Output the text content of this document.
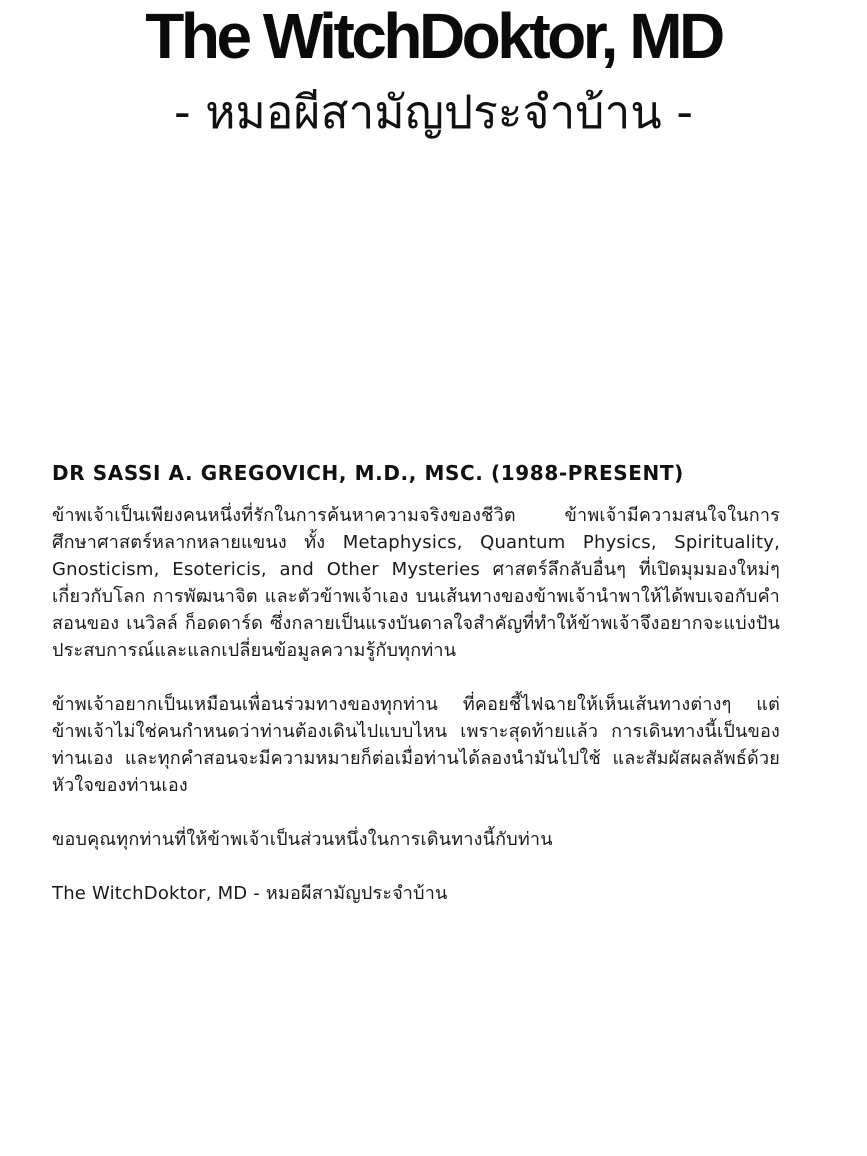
The WitchDoktor, MD
- หมอผีสามัญประจำบ้าน -
DR SASSI A. GREGOVICH, M.D., MSC. (1988-PRESENT)

ข้าพเจ้าเป็นเพียงคนหนึ่งที่รักในการค้นหาความจริงของชีวิต ข้าพเจ้ามีความสนใจในการศึกษาศาสตร์หลากหลายแขนง ทั้ง Metaphysics, Quantum Physics, Spirituality, Gnosticism, Esotericis, and Other Mysteries ศาสตร์ลึกลับอื่นๆ ที่เปิดมุมมองใหม่ๆ เกี่ยวกับโลก การพัฒนาจิต และตัวข้าพเจ้าเอง บนเส้นทางของข้าพเจ้านำพาให้ได้พบเจอกับคำสอนของ เนวิลล์ ก็อดดาร์ด ซึ่งกลายเป็นแรงบันดาลใจสำคัญที่ทำให้ข้าพเจ้าจึงอยากจะแบ่งปันประสบการณ์และแลกเปลี่ยนข้อมูลความรู้กับทุกท่าน

ข้าพเจ้าอยากเป็นเหมือนเพื่อนร่วมทางของทุกท่าน ที่คอยชี้ไฟฉายให้เห็นเส้นทางต่างๆ แต่ข้าพเจ้าไม่ใช่คนกำหนดว่าท่านต้องเดินไปแบบไหน เพราะสุดท้ายแล้ว การเดินทางนี้เป็นของท่านเอง และทุกคำสอนจะมีความหมายก็ต่อเมื่อท่านได้ลองนำมันไปใช้ และสัมผัสผลลัพธ์ด้วยหัวใจของท่านเอง

ขอบคุณทุกท่านที่ให้ข้าพเจ้าเป็นส่วนหนึ่งในการเดินทางนี้กับท่าน

The WitchDoktor, MD - หมอผีสามัญประจำบ้าน
